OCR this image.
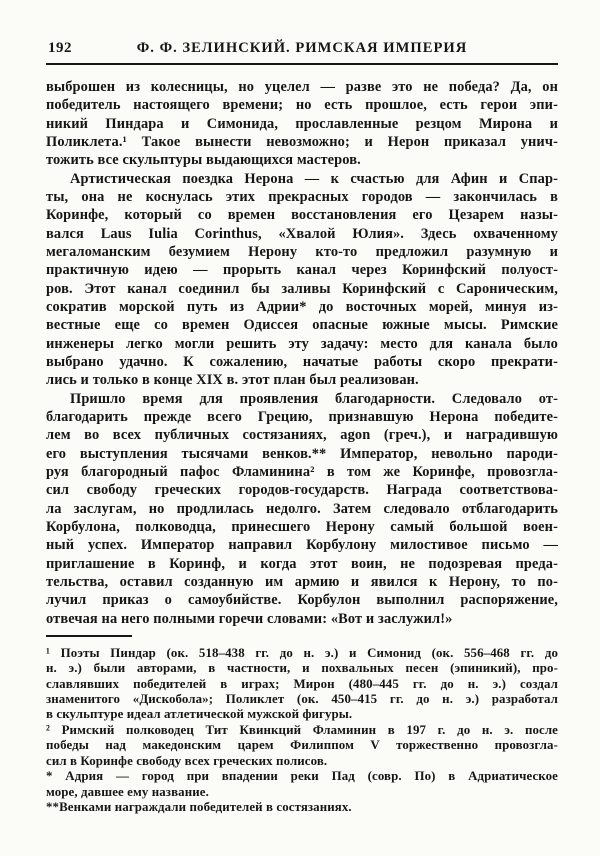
192	Ф. Ф. ЗЕЛИНСКИЙ. РИМСКАЯ ИМПЕРИЯ
выброшен из колесницы, но уцелел — разве это не победа? Да, он
победитель настоящего времени; но есть прошлое, есть герои эпи-
никий Пиндара и Симонида, прославленные резцом Мирона и
Поликлета.¹ Такое вынести невозможно; и Нерон приказал унич-
тожить все скульптуры выдающихся мастеров.
Артистическая поездка Нерона — к счастью для Афин и Спар-
ты, она не коснулась этих прекрасных городов — закончилась в
Коринфе, который со времен восстановления его Цезарем назы-
вался Laus Iulia Corinthus, «Хвалой Юлия». Здесь охваченному
мегаломанским безумием Нерону кто-то предложил разумную и
практичную идею — прорыть канал через Коринфский полуост-
ров. Этот канал соединил бы заливы Коринфский с Сароническим,
сократив морской путь из Адрии* до восточных морей, минуя из-
вестные еще со времен Одиссея опасные южные мысы. Римские
инженеры легко могли решить эту задачу: место для канала было
выбрано удачно. К сожалению, начатые работы скоро прекрати-
лись и только в конце XIX в. этот план был реализован.
Пришло время для проявления благодарности. Следовало от-
благодарить прежде всего Грецию, признавшую Нерона победите-
лем во всех публичных состязаниях, agon (греч.), и наградившую
его выступления тысячами венков.** Император, невольно пароди-
руя благородный пафос Фламинина² в том же Коринфе, провозгла-
сил свободу греческих городов-государств. Награда соответствова-
ла заслугам, но продлилась недолго. Затем следовало отблагодарить
Корбулона, полководца, принесшего Нерону самый большой воен-
ный успех. Император направил Корбулону милостивое письмо —
приглашение в Коринф, и когда этот воин, не подозревая преда-
тельства, оставил созданную им армию и явился к Нерону, то по-
лучил приказ о самоубийстве. Корбулон выполнил распоряжение,
отвечая на него полными горечи словами: «Вот и заслужил!»
¹ Поэты Пиндар (ок. 518–438 гг. до н. э.) и Симонид (ок. 556–468 гг. до
н. э.) были авторами, в частности, и похвальных песен (эпиникий), про-
славлявших победителей в играх; Мирон (480–445 гг. до н. э.) создал
знаменитого «Дискобола»; Поликлет (ок. 450–415 гг. до н. э.) разработал
в скульптуре идеал атлетической мужской фигуры.
² Римский полководец Тит Квинкций Фламинин в 197 г. до н. э. после
победы над македонским царем Филиппом V торжественно провозгла-
сил в Коринфе свободу всех греческих полисов.
* Адрия — город при впадении реки Пад (совр. По) в Адриатическое
море, давшее ему название.
**Венками награждали победителей в состязаниях.
